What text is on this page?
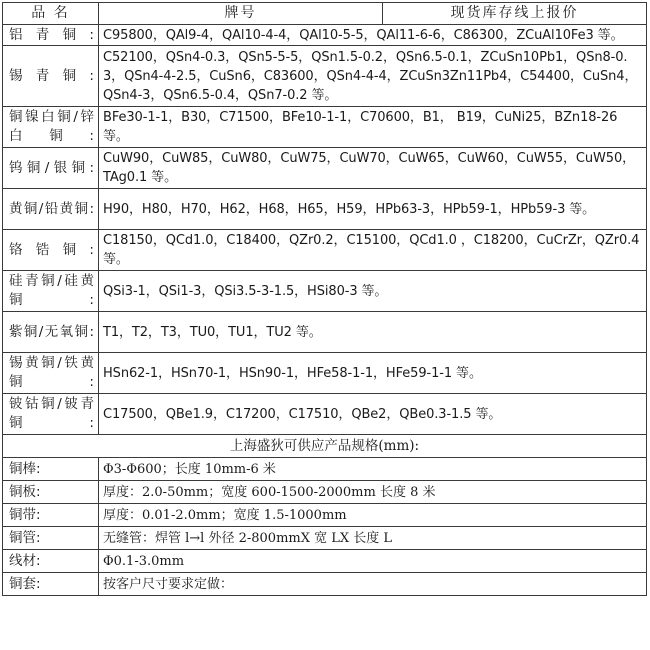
品 名	牌号	现货库存线上报价
铝青铜:	C95800，QAl9-4，QAl10-4-4，QAl10-5-5，QAl11-6-6，C86300，ZCuAl10Fe3 等。	
锡青铜:	C52100，QSn4-0.3，QSn5-5-5，QSn1.5-0.2，QSn6.5-0.1，ZCuSn10Pb1，QSn8-0.3，QSn4-4-2.5，CuSn6，C83600，QSn4-4-4，ZCuSn3Zn11Pb4，C54400，CuSn4，QSn4-3，QSn6.5-0.4，QSn7-0.2 等。	
铜镍白铜/锌白铜:	BFe30-1-1，B30，C71500，BFe10-1-1，C70600，B1， B19，CuNi25，BZn18-26 等。	
钨铜/银铜:	CuW90，CuW85，CuW80，CuW75，CuW70，CuW65，CuW60，CuW55，CuW50，TAg0.1 等。	
黄铜/铅黄铜:	H90，H80，H70，H62，H68，H65，H59，HPb63-3，HPb59-1，HPb59-3 等。	
铬锆铜:	C18150，QCd1.0，C18400，QZr0.2，C15100，QCd1.0 ，C18200，CuCrZr，QZr0.4 等。	
硅青铜/硅黄铜:	QSi3-1，QSi1-3，QSi3.5-3-1.5，HSi80-3 等。	
紫铜/无氧铜:	T1，T2，T3，TU0，TU1，TU2 等。	
锡黄铜/铁黄铜:	HSn62-1，HSn70-1，HSn90-1，HFe58-1-1，HFe59-1-1 等。	
铍钴铜/铍青铜:	C17500，QBe1.9，C17200，C17510，QBe2，QBe0.3-1.5 等。	
上海盛狄可供应产品规格(mm):		
铜棒:	Φ3-Φ600；长度 10mm-6 米	
铜板:	厚度：2.0-50mm；宽度 600-1500-2000mm 长度 8 米	
铜带:	厚度：0.01-2.0mm；宽度 1.5-1000mm	
铜管:	无缝管：焊管 l→l 外径 2-800mmX 宽 LX 长度 L	
线材:	Φ0.1-3.0mm	
铜套:	按客户尺寸要求定做：	
